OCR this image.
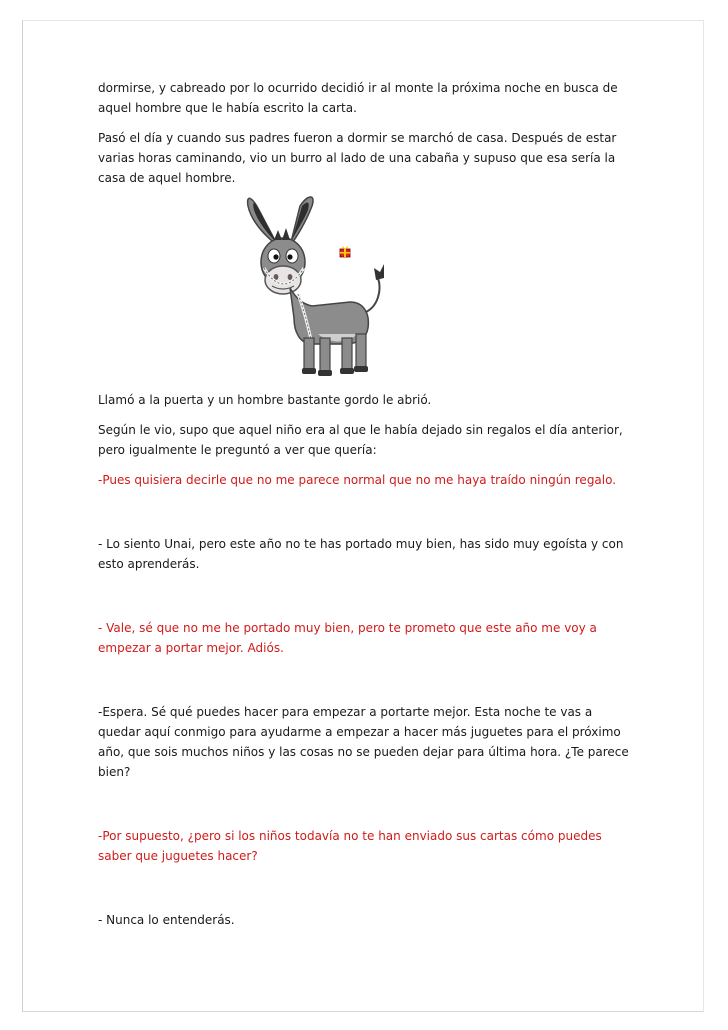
dormirse, y cabreado por lo ocurrido decidió ir al monte la próxima noche en busca de aquel hombre que le había escrito la carta.

Pasó el día y cuando sus padres fueron a dormir se marchó de casa. Después de estar varias horas caminando, vio un burro al lado de una cabaña y supuso que esa sería la casa de aquel hombre.

Llamó a la puerta y un hombre bastante gordo le abrió.

Según le vio, supo que aquel niño era al que le había dejado sin regalos el día anterior, pero igualmente le preguntó a ver que quería:

-Pues quisiera decirle que no me parece normal que no me haya traído ningún regalo.

- Lo siento Unai, pero este año no te has portado muy bien, has sido muy egoísta y con esto aprenderás.

- Vale, sé que no me he portado muy bien, pero te prometo que este año me voy a empezar a portar mejor. Adiós.

-Espera. Sé qué puedes hacer para empezar a portarte mejor. Esta noche te vas a quedar aquí conmigo para ayudarme a empezar a hacer más juguetes para el próximo año, que sois muchos niños y las cosas no se pueden dejar para última hora. ¿Te parece bien?

-Por supuesto, ¿pero si los niños todavía no te han enviado sus cartas cómo puedes saber que juguetes hacer?

- Nunca lo entenderás.
